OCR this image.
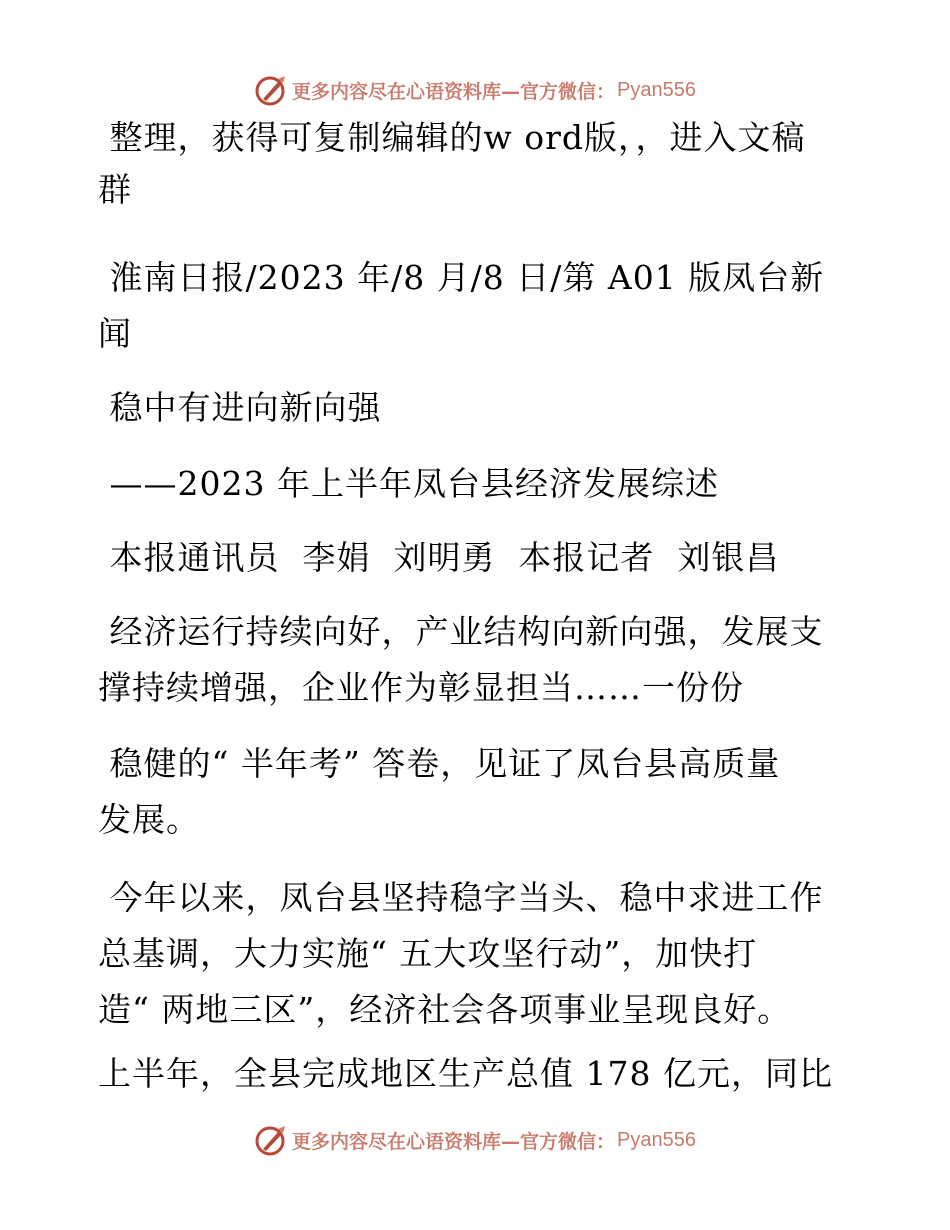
更多内容尽在心语资料库—官方微信： Pyan556
整理，获得可复制编辑的w ord版，，进入文稿
群
淮南日报/2023 年/8 月/8 日/第 A01 版凤台新
闻
稳中有进向新向强
——2023 年上半年凤台县经济发展综述
本报通讯员  李娟  刘明勇  本报记者  刘银昌
经济运行持续向好，产业结构向新向强，发展支
撑持续增强，企业作为彰显担当……一份份
稳健的“ 半年考” 答卷，见证了凤台县高质量
发展。
今年以来，凤台县坚持稳字当头、稳中求进工作
总基调，大力实施“ 五大攻坚行动”，加快打
造“ 两地三区”，经济社会各项事业呈现良好。
上半年，全县完成地区生产总值 178 亿元，同比
更多内容尽在心语资料库—官方微信： Pyan556
